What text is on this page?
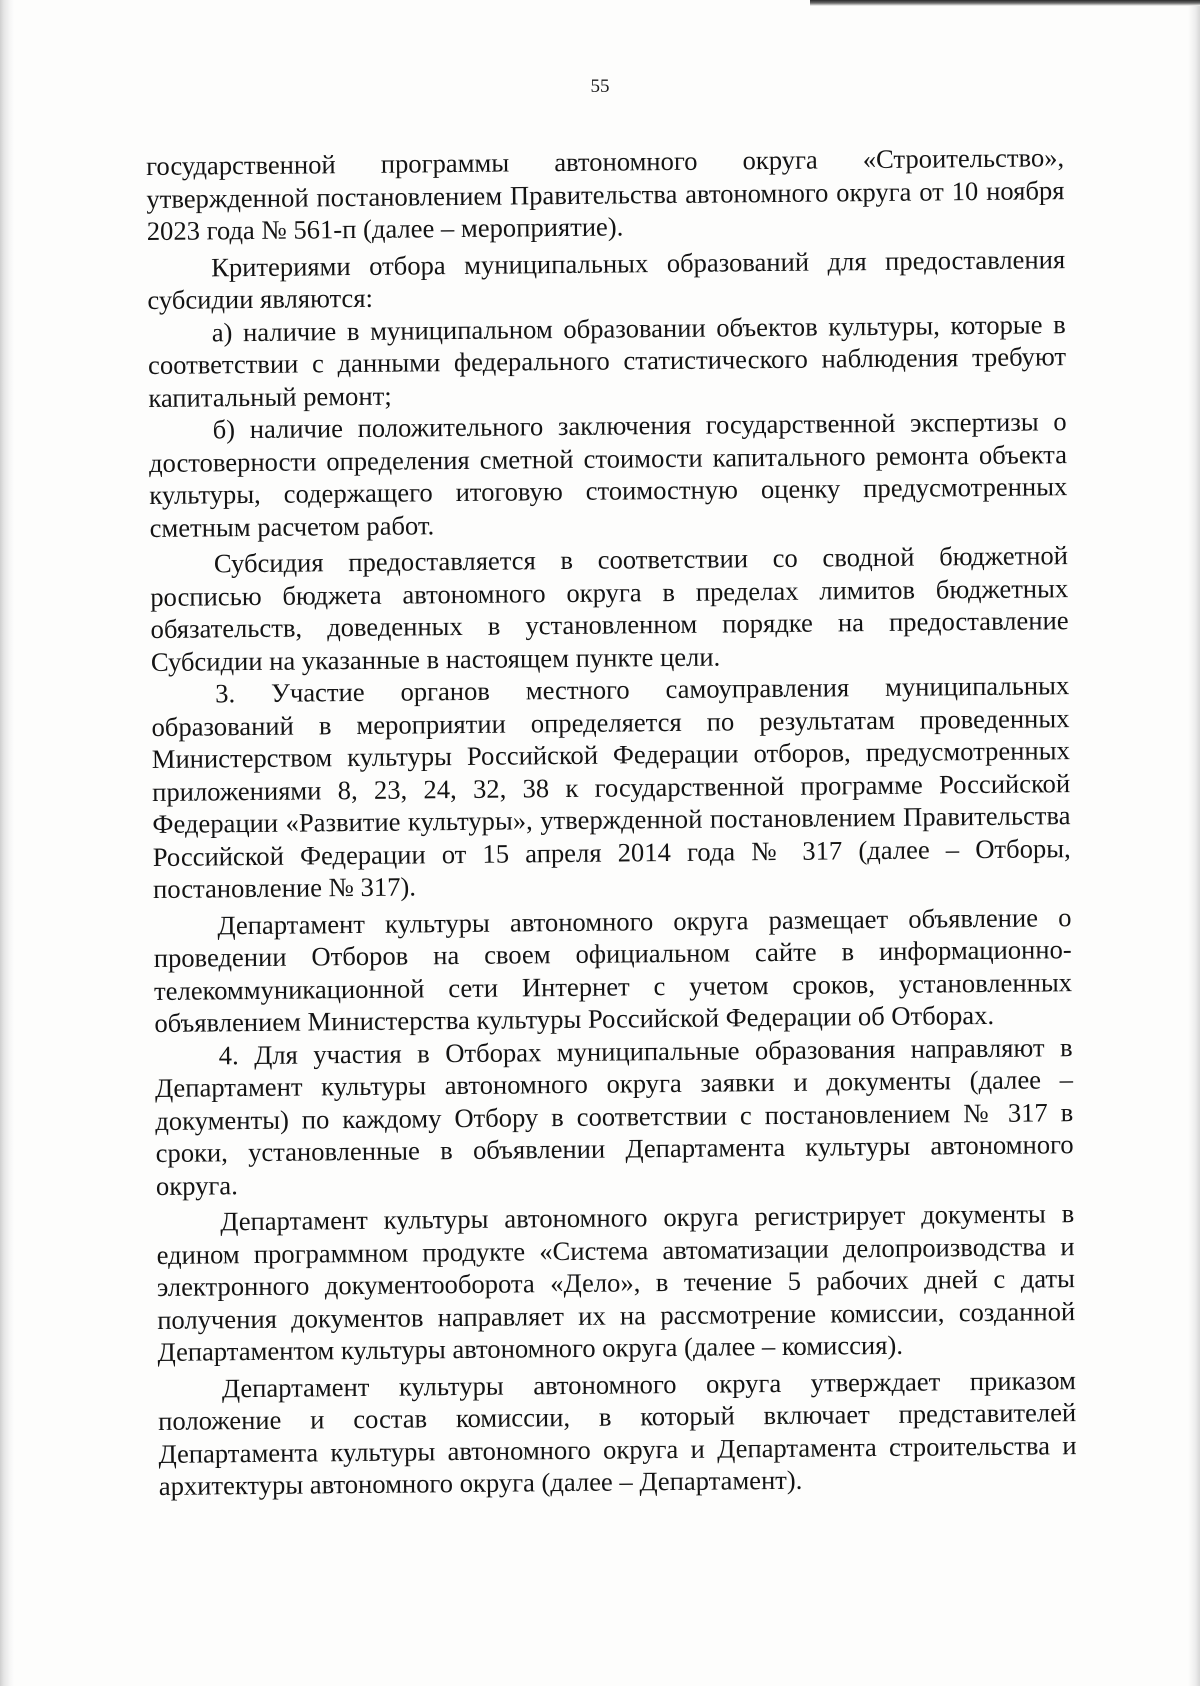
55

государственной программы автономного округа «Строительство», утвержденной постановлением Правительства автономного округа от 10 ноября 2023 года № 561-п (далее – мероприятие).

Критериями отбора муниципальных образований для предоставления субсидии являются:

а) наличие в муниципальном образовании объектов культуры, которые в соответствии с данными федерального статистического наблюдения требуют капитальный ремонт;

б) наличие положительного заключения государственной экспертизы о достоверности определения сметной стоимости капитального ремонта объекта культуры, содержащего итоговую стоимостную оценку предусмотренных сметным расчетом работ.

Субсидия предоставляется в соответствии со сводной бюджетной росписью бюджета автономного округа в пределах лимитов бюджетных обязательств, доведенных в установленном порядке на предоставление Субсидии на указанные в настоящем пункте цели.

3. Участие органов местного самоуправления муниципальных образований в мероприятии определяется по результатам проведенных Министерством культуры Российской Федерации отборов, предусмотренных приложениями 8, 23, 24, 32, 38 к государственной программе Российской Федерации «Развитие культуры», утвержденной постановлением Правительства Российской Федерации от 15 апреля 2014 года № 317 (далее – Отборы, постановление № 317).

Департамент культуры автономного округа размещает объявление о проведении Отборов на своем официальном сайте в информационно-телекоммуникационной сети Интернет с учетом сроков, установленных объявлением Министерства культуры Российской Федерации об Отборах.

4. Для участия в Отборах муниципальные образования направляют в Департамент культуры автономного округа заявки и документы (далее – документы) по каждому Отбору в соответствии с постановлением № 317 в сроки, установленные в объявлении Департамента культуры автономного округа.

Департамент культуры автономного округа регистрирует документы в едином программном продукте «Система автоматизации делопроизводства и электронного документооборота «Дело», в течение 5 рабочих дней с даты получения документов направляет их на рассмотрение комиссии, созданной Департаментом культуры автономного округа (далее – комиссия).

Департамент культуры автономного округа утверждает приказом положение и состав комиссии, в который включает представителей Департамента культуры автономного округа и Департамента строительства и архитектуры автономного округа (далее – Департамент).
